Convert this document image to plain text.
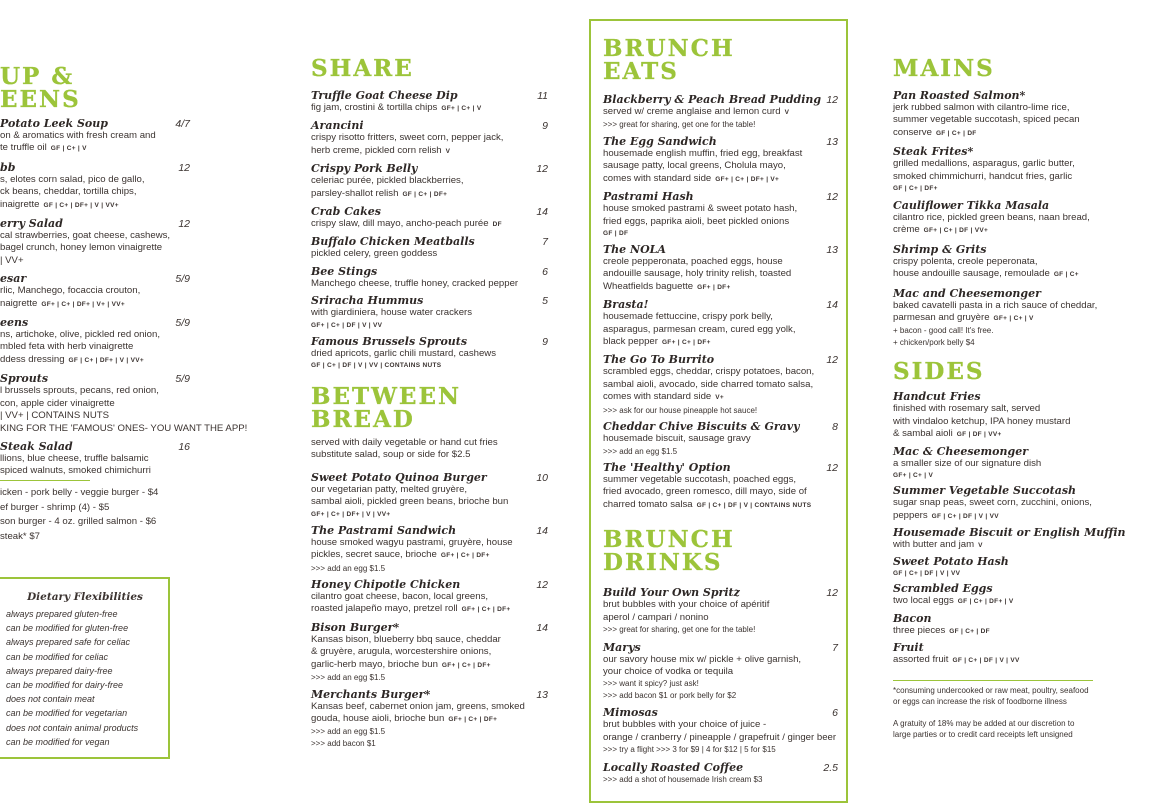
UP &
EENS
Potato Leek Soup	4/7
on & aromatics with fresh cream and
te truffle oil GF | C+ | V
bb	12
s, elotes corn salad, pico de gallo,
ck beans, cheddar, tortilla chips,
inaigrette GF | C+ | DF+ | V | VV+
erry Salad	12
cal strawberries, goat cheese, cashews,
bagel crunch, honey lemon vinaigrette
| VV+
esar	5/9
rlic, Manchego, focaccia crouton,
naigrette GF+ | C+ | DF+ | V+ | VV+
eens	5/9
ns, artichoke, olive, pickled red onion,
mbled feta with herb vinaigrette
ddess dressing GF | C+ | DF+ | V | VV+
Sprouts	5/9
l brussels sprouts, pecans, red onion,
con, apple cider vinaigrette
| VV+ | CONTAINS NUTS
KING FOR THE 'FAMOUS' ONES- YOU WANT THE APP!
Steak Salad	16
llions, blue cheese, truffle balsamic
spiced walnuts, smoked chimichurri
icken - pork belly - veggie burger - $4
ef burger - shrimp (4) - $5
son burger - 4 oz. grilled salmon - $6
steak* $7
Dietary Flexibilities
always prepared gluten-free
can be modified for gluten-free
always prepared safe for celiac
can be modified for celiac
always prepared dairy-free
can be modified for dairy-free
does not contain meat
can be modified for vegetarian
does not contain animal products
can be modified for vegan
SHARE
Truffle Goat Cheese Dip	11
fig jam, crostini & tortilla chips GF+ | C+ | V
Arancini	9
crispy risotto fritters, sweet corn, pepper jack,
herb creme, pickled corn relish V
Crispy Pork Belly	12
celeriac purée, pickled blackberries,
parsley-shallot relish GF | C+ | DF+
Crab Cakes	14
crispy slaw, dill mayo, ancho-peach purée DF
Buffalo Chicken Meatballs	7
pickled celery, green goddess
Bee Stings	6
Manchego cheese, truffle honey, cracked pepper
Sriracha Hummus	5
with giardiniera, house water crackers
GF+ | C+ | DF | V | VV
Famous Brussels Sprouts	9
dried apricots, garlic chili mustard, cashews
GF | C+ | DF | V | VV | CONTAINS NUTS
BETWEEN
BREAD
served with daily vegetable or hand cut fries
substitute salad, soup or side for $2.5
Sweet Potato Quinoa Burger	10
our vegetarian patty, melted gruyère,
sambal aioli, pickled green beans, brioche bun
GF+ | C+ | DF+ | V | VV+
The Pastrami Sandwich	14
house smoked wagyu pastrami, gruyère, house
pickles, secret sauce, brioche GF+ | C+ | DF+
>>> add an egg $1.5
Honey Chipotle Chicken	12
cilantro goat cheese, bacon, local greens,
roasted jalapeño mayo, pretzel roll GF+ | C+ | DF+
Bison Burger*	14
Kansas bison, blueberry bbq sauce, cheddar
& gruyère, arugula, worcestershire onions,
garlic-herb mayo, brioche bun GF+ | C+ | DF+
>>> add an egg $1.5
Merchants Burger*	13
Kansas beef, cabernet onion jam, greens, smoked
gouda, house aioli, brioche bun GF+ | C+ | DF+
>>> add an egg $1.5
>>> add bacon $1
BRUNCH
EATS
Blackberry & Peach Bread Pudding 12
served w/ creme anglaise and lemon curd V
>>> great for sharing, get one for the table!
The Egg Sandwich	13
housemade english muffin, fried egg, breakfast
sausage patty, local greens, Cholula mayo,
comes with standard side GF+ | C+ | DF+ | V+
Pastrami Hash	12
house smoked pastrami & sweet potato hash,
fried eggs, paprika aioli, beet pickled onions
GF | DF
The NOLA	13
creole pepperonata, poached eggs, house
andouille sausage, holy trinity relish, toasted
Wheatfields baguette GF+ | DF+
Brasta!	14
housemade fettuccine, crispy pork belly,
asparagus, parmesan cream, cured egg yolk,
black pepper GF+ | C+ | DF+
The Go To Burrito	12
scrambled eggs, cheddar, crispy potatoes, bacon,
sambal aioli, avocado, side charred tomato salsa,
comes with standard side V+
>>> ask for our house pineapple hot sauce!
Cheddar Chive Biscuits & Gravy	8
housemade biscuit, sausage gravy
>>> add an egg $1.5
The 'Healthy' Option	12
summer vegetable succotash, poached eggs,
fried avocado, green romesco, dill mayo, side of
charred tomato salsa GF | C+ | DF | V | CONTAINS NUTS
BRUNCH
DRINKS
Build Your Own Spritz	12
brut bubbles with your choice of apéritif
aperol / campari / nonino
>>> great for sharing, get one for the table!
Marys	7
our savory house mix w/ pickle + olive garnish,
your choice of vodka or tequila
>>> want it spicy? just ask!
>>> add bacon $1 or pork belly for $2
Mimosas	6
brut bubbles with your choice of juice -
orange / cranberry / pineapple / grapefruit / ginger beer
>>> try a flight >>> 3 for $9 | 4 for $12 | 5 for $15
Locally Roasted Coffee	2.5
>>> add a shot of housemade Irish cream $3
MAINS
Pan Roasted Salmon*
jerk rubbed salmon with cilantro-lime rice,
summer vegetable succotash, spiced pecan
conserve GF | C+ | DF
Steak Frites*
grilled medallions, asparagus, garlic butter,
smoked chimmichurri, handcut fries, garlic
GF | C+ | DF+
Cauliflower Tikka Masala
cilantro rice, pickled green beans, naan bread,
crème GF+ | C+ | DF | VV+
Shrimp & Grits
crispy polenta, creole peperonata,
house andouille sausage, remoulade GF | C+
Mac and Cheesemonger
baked cavatelli pasta in a rich sauce of cheddar,
parmesan and gruyère GF+ | C+ | V
+ bacon - good call! It's free.
+ chicken/pork belly $4
SIDES
Handcut Fries
finished with rosemary salt, served
with vindaloo ketchup, IPA honey mustard
& sambal aioli GF | DF | VV+
Mac & Cheesemonger
a smaller size of our signature dish
GF+ | C+ | V
Summer Vegetable Succotash
sugar snap peas, sweet corn, zucchini, onions,
peppers GF | C+ | DF | V | VV
Housemade Biscuit or English Muffin
with butter and jam V
Sweet Potato Hash
GF | C+ | DF | V | VV
Scrambled Eggs
two local eggs GF | C+ | DF+ | V
Bacon
three pieces GF | C+ | DF
Fruit
assorted fruit GF | C+ | DF | V | VV
*consuming undercooked or raw meat, poultry, seafood
or eggs can increase the risk of foodborne illness
A gratuity of 18% may be added at our discretion to
large parties or to credit card receipts left unsigned
